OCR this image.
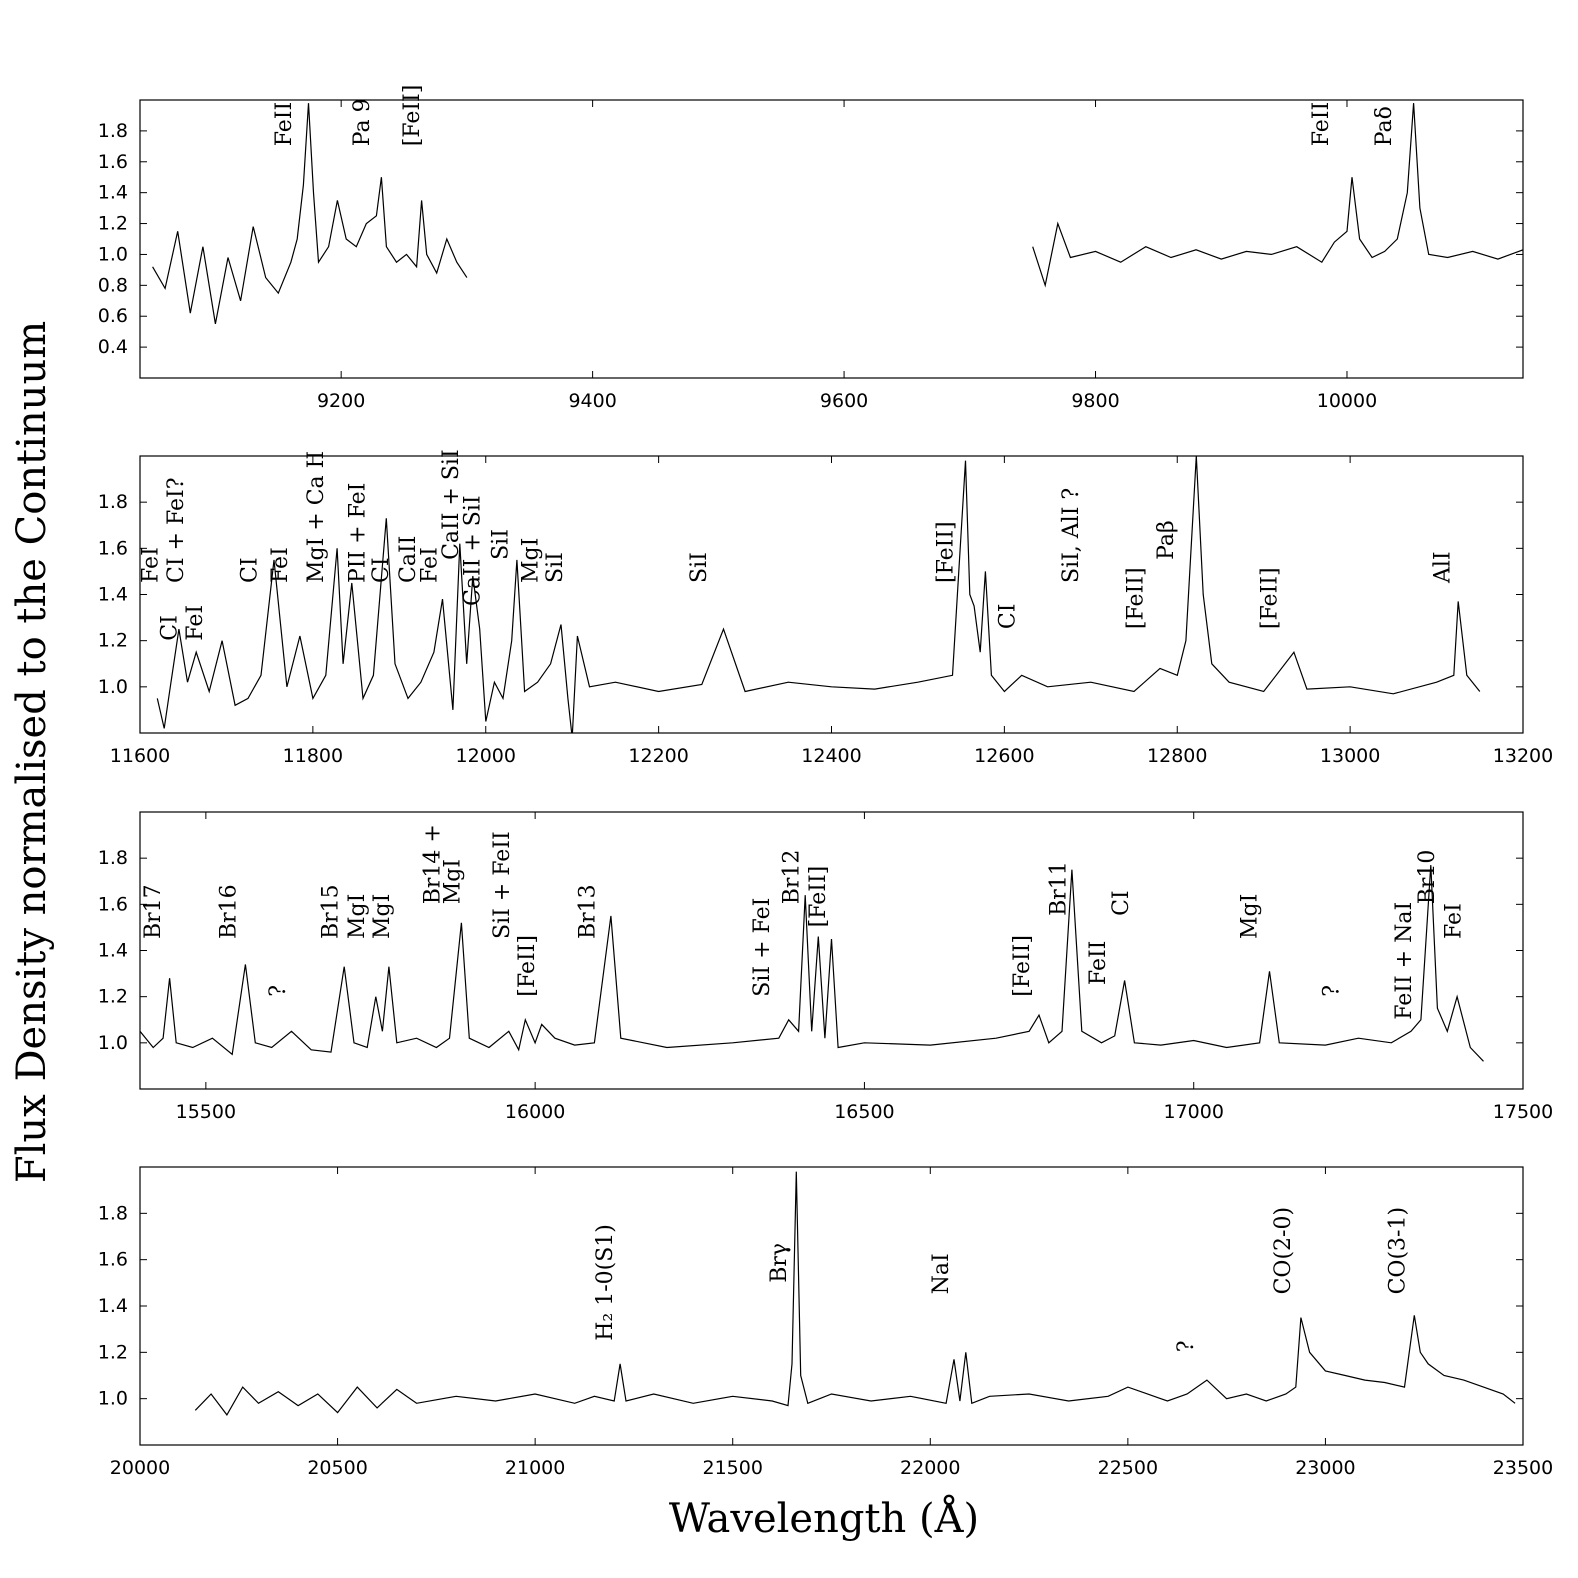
9200	9400	9600	9800	10000
0.4
0.6
0.8
1.0
1.2
1.4
1.6
1.8	FeII Pa 9 [FeII]	FeII Paδ
11600	11800	12000	12200	12400	12600	12800	13000	13200
1.0
1.2
1.4
1.6
1.8
FeI CI + FeI?
CI FeI
CI FeI MgI + Ca II PII + FeI
CI CaII
FeI
CaII + SiI
CaII + SiI SiI MgI SiI	SiI	[FeII]
CI
SiI, AlI ?
[FeII]
Paβ
[FeII]
AlI
15500	16000	16500	17000	17500
1.0
1.2
1.4
1.6
1.8
Br17 Br16
?
Br15 MgI MgI
Br14 +
MgI SiI + FeII
[FeII]
Br13	SiI + FeI
Br12 [FeII]
[FeII]
Br11
FeII
CI	MgI
? FeII + NaI
Br10
FeI
20000	20500	21000	21500	22000	22500	23000	23500
1.0
1.2
1.4
1.6
1.8
H₂ 1-0(S1)	Brγ	NaI
?
CO(2-0)	CO(3-1)
Flux Density normalised to the Continuum
Wavelength (Å)
